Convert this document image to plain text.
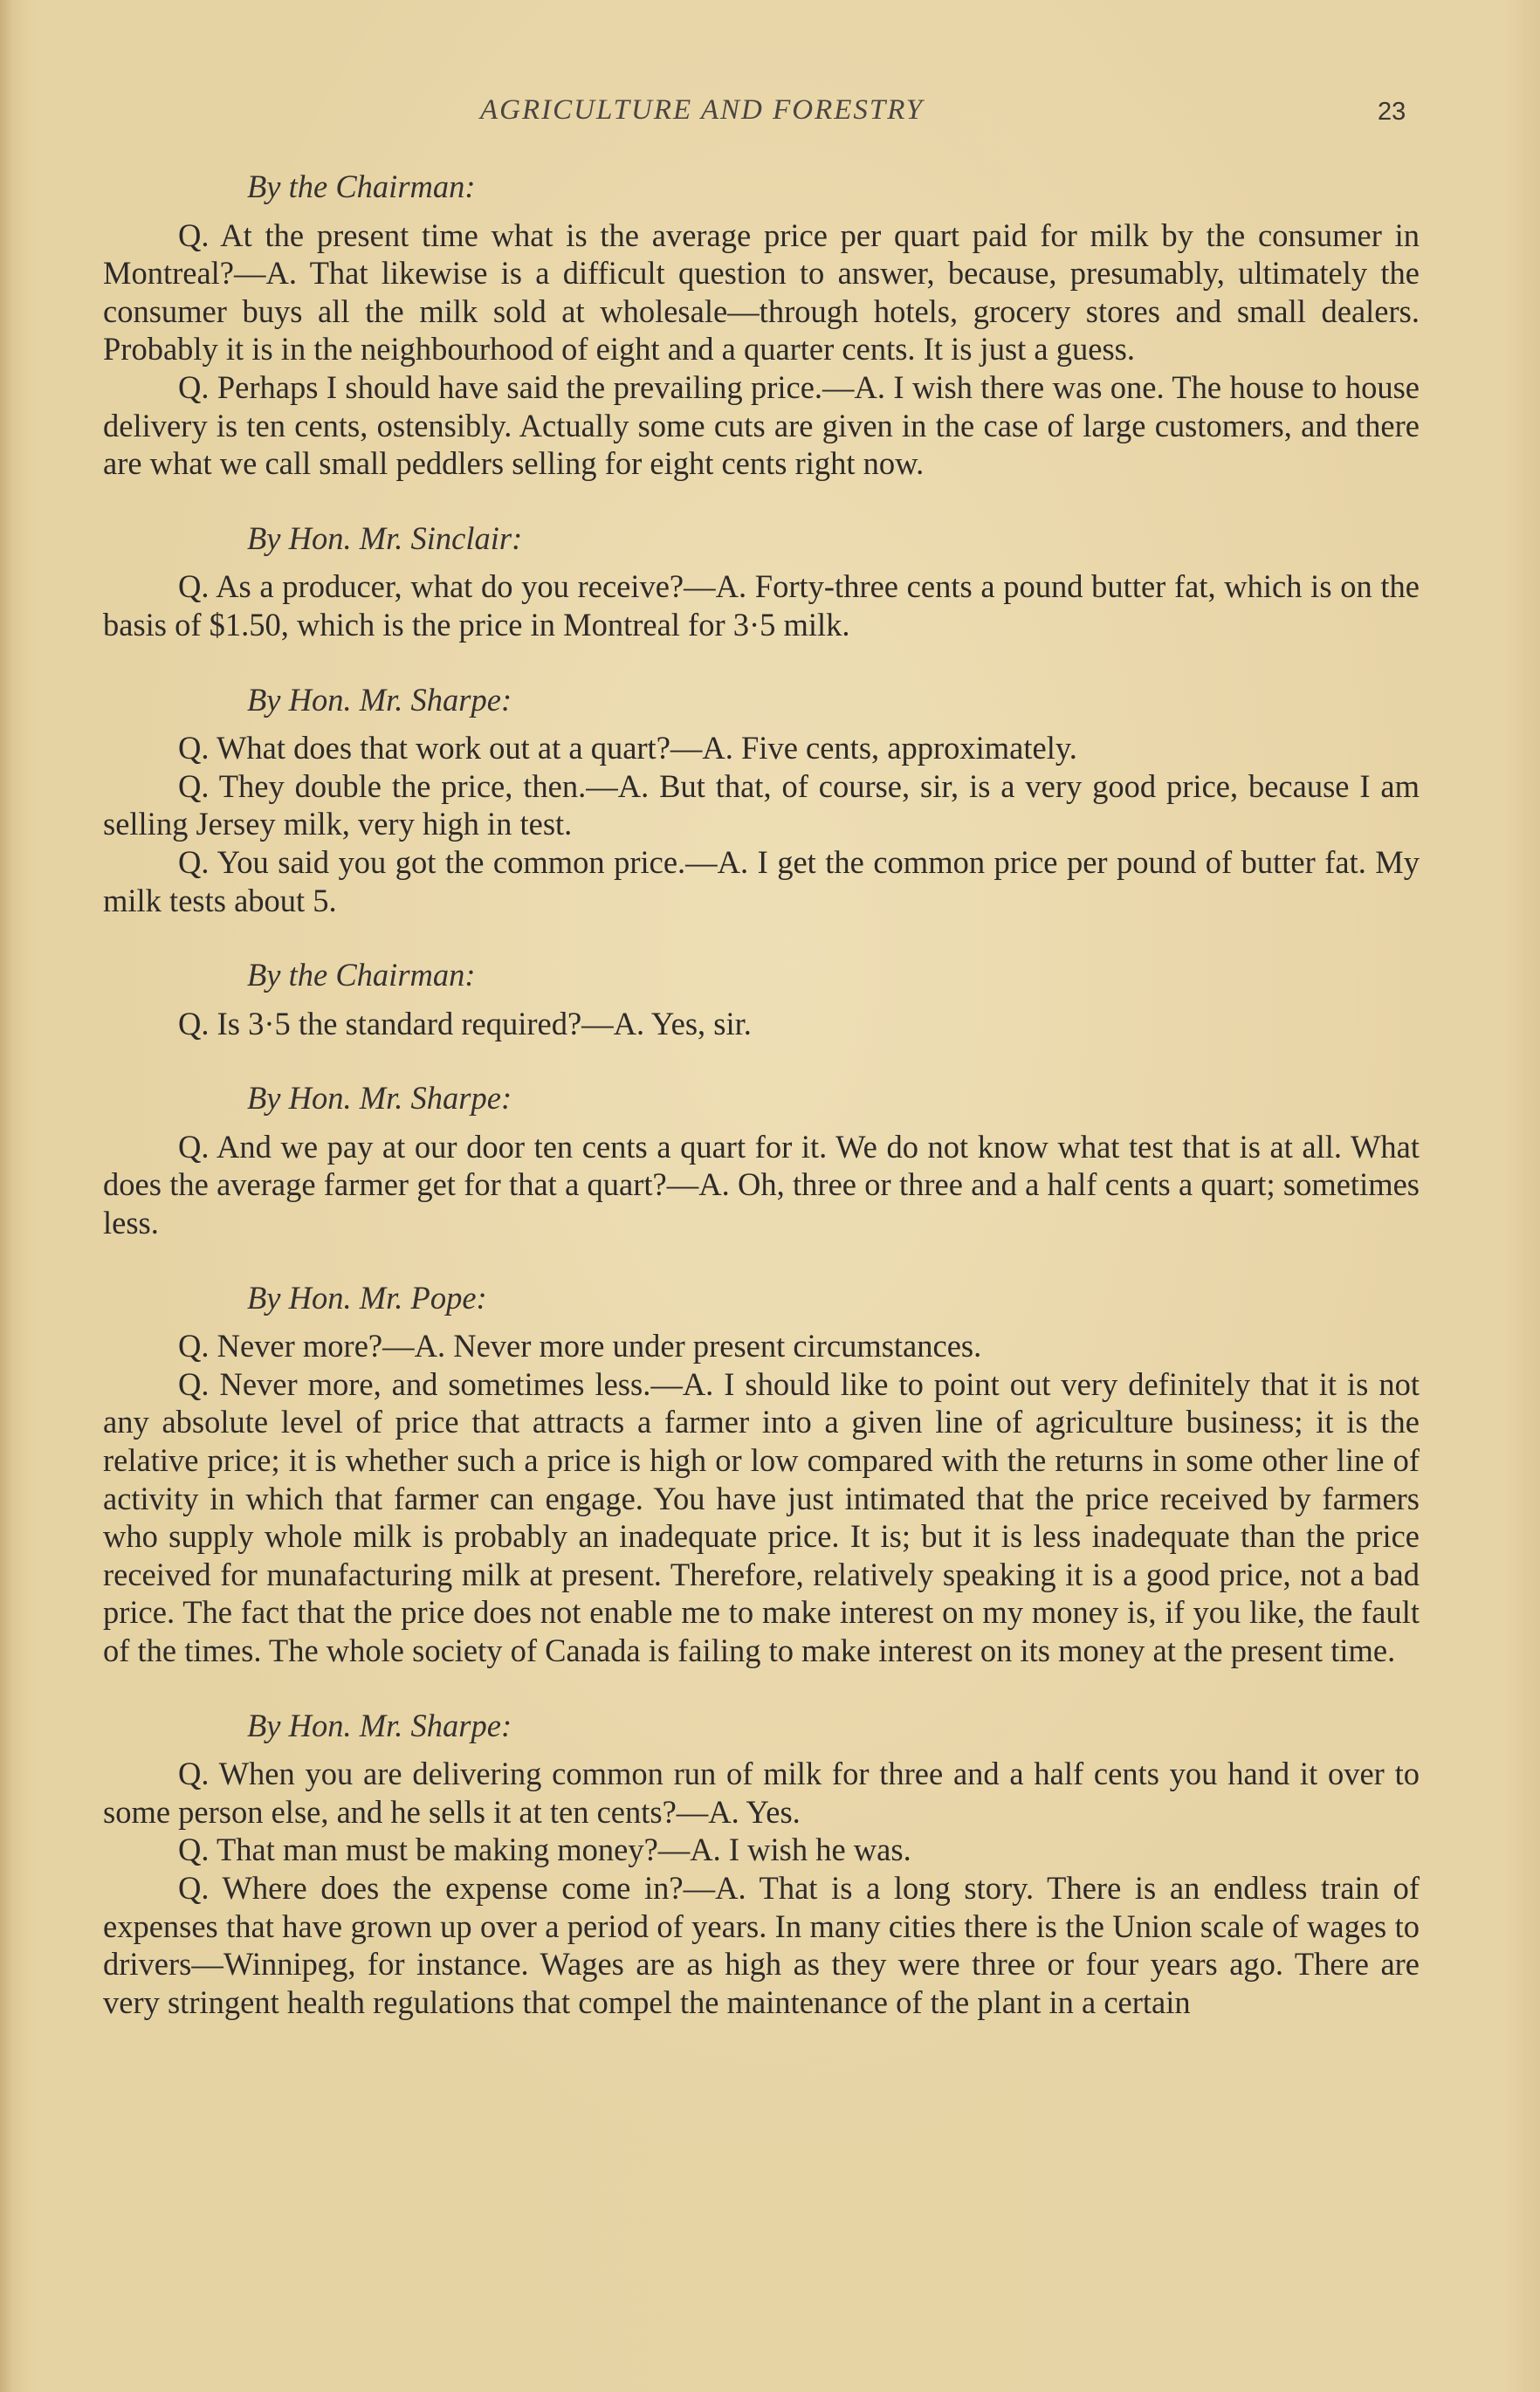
AGRICULTURE AND FORESTRY	23
By the Chairman:

Q. At the present time what is the average price per quart paid for milk by the consumer in Montreal?—A. That likewise is a difficult question to answer, because, presumably, ultimately the consumer buys all the milk sold at wholesale—through hotels, grocery stores and small dealers. Probably it is in the neighbourhood of eight and a quarter cents. It is just a guess.

Q. Perhaps I should have said the prevailing price.—A. I wish there was one. The house to house delivery is ten cents, ostensibly. Actually some cuts are given in the case of large customers, and there are what we call small peddlers selling for eight cents right now.

By Hon. Mr. Sinclair:

Q. As a producer, what do you receive?—A. Forty-three cents a pound butter fat, which is on the basis of $1.50, which is the price in Montreal for 3·5 milk.

By Hon. Mr. Sharpe:

Q. What does that work out at a quart?—A. Five cents, approximately.

Q. They double the price, then.—A. But that, of course, sir, is a very good price, because I am selling Jersey milk, very high in test.

Q. You said you got the common price.—A. I get the common price per pound of butter fat. My milk tests about 5.

By the Chairman:

Q. Is 3·5 the standard required?—A. Yes, sir.

By Hon. Mr. Sharpe:

Q. And we pay at our door ten cents a quart for it. We do not know what test that is at all. What does the average farmer get for that a quart?—A. Oh, three or three and a half cents a quart; sometimes less.

By Hon. Mr. Pope:

Q. Never more?—A. Never more under present circumstances.

Q. Never more, and sometimes less.—A. I should like to point out very definitely that it is not any absolute level of price that attracts a farmer into a given line of agriculture business; it is the relative price; it is whether such a price is high or low compared with the returns in some other line of activity in which that farmer can engage. You have just intimated that the price received by farmers who supply whole milk is probably an inadequate price. It is; but it is less inadequate than the price received for munafacturing milk at present. Therefore, relatively speaking it is a good price, not a bad price. The fact that the price does not enable me to make interest on my money is, if you like, the fault of the times. The whole society of Canada is failing to make interest on its money at the present time.

By Hon. Mr. Sharpe:

Q. When you are delivering common run of milk for three and a half cents you hand it over to some person else, and he sells it at ten cents?—A. Yes.

Q. That man must be making money?—A. I wish he was.

Q. Where does the expense come in?—A. That is a long story. There is an endless train of expenses that have grown up over a period of years. In many cities there is the Union scale of wages to drivers—Winnipeg, for instance. Wages are as high as they were three or four years ago. There are very stringent health regulations that compel the maintenance of the plant in a certain
